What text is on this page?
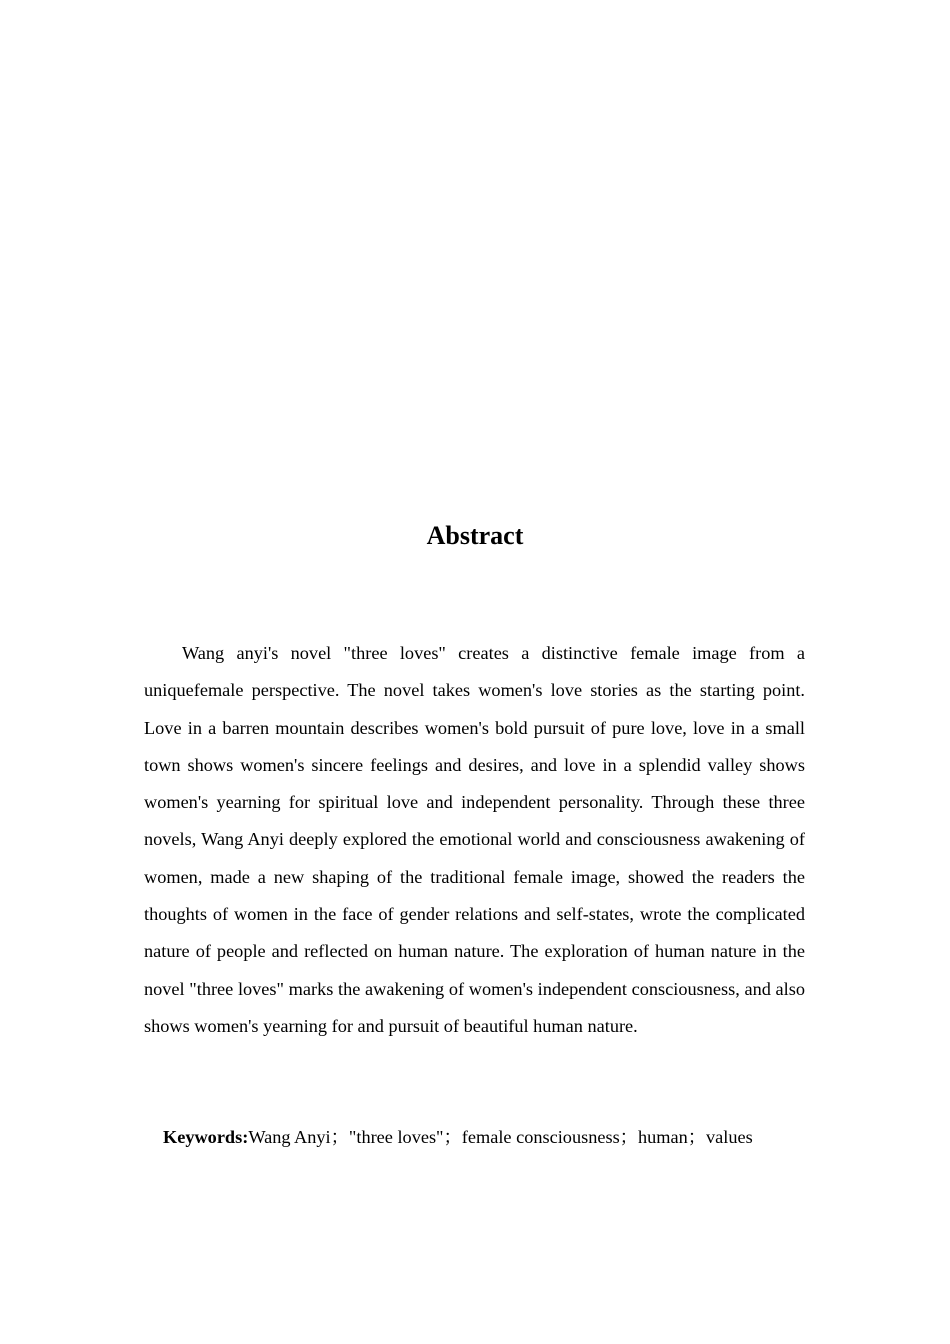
Abstract

Wang anyi's novel "three loves" creates a distinctive female image from a uniquefemale perspective. The novel takes women's love stories as the starting point. Love in a barren mountain describes women's bold pursuit of pure love, love in a small town shows women's sincere feelings and desires, and love in a splendid valley shows women's yearning for spiritual love and independent personality. Through these three novels, Wang Anyi deeply explored the emotional world and consciousness awakening of women, made a new shaping of the traditional female image, showed the readers the thoughts of women in the face of gender relations and self-states, wrote the complicated nature of people and reflected on human nature. The exploration of human nature in the novel "three loves" marks the awakening of women's independent consciousness, and also shows women's yearning for and pursuit of beautiful human nature.

Keywords:Wang Anyi；"three loves"；female consciousness；human；values
